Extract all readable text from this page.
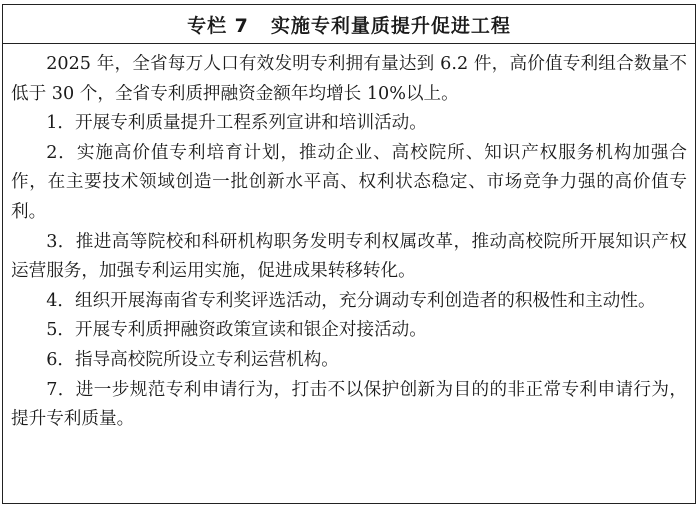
专栏 7 实施专利量质提升促进工程

2025 年，全省每万人口有效发明专利拥有量达到 6.2 件，高价值专利组合数量不低于 30 个，全省专利质押融资金额年均增长 10%以上。

1．开展专利质量提升工程系列宣讲和培训活动。

2．实施高价值专利培育计划，推动企业、高校院所、知识产权服务机构加强合作，在主要技术领域创造一批创新水平高、权利状态稳定、市场竞争力强的高价值专利。

3．推进高等院校和科研机构职务发明专利权属改革，推动高校院所开展知识产权运营服务，加强专利运用实施，促进成果转移转化。

4．组织开展海南省专利奖评选活动，充分调动专利创造者的积极性和主动性。

5．开展专利质押融资政策宣读和银企对接活动。

6．指导高校院所设立专利运营机构。

7．进一步规范专利申请行为，打击不以保护创新为目的的非正常专利申请行为，提升专利质量。
